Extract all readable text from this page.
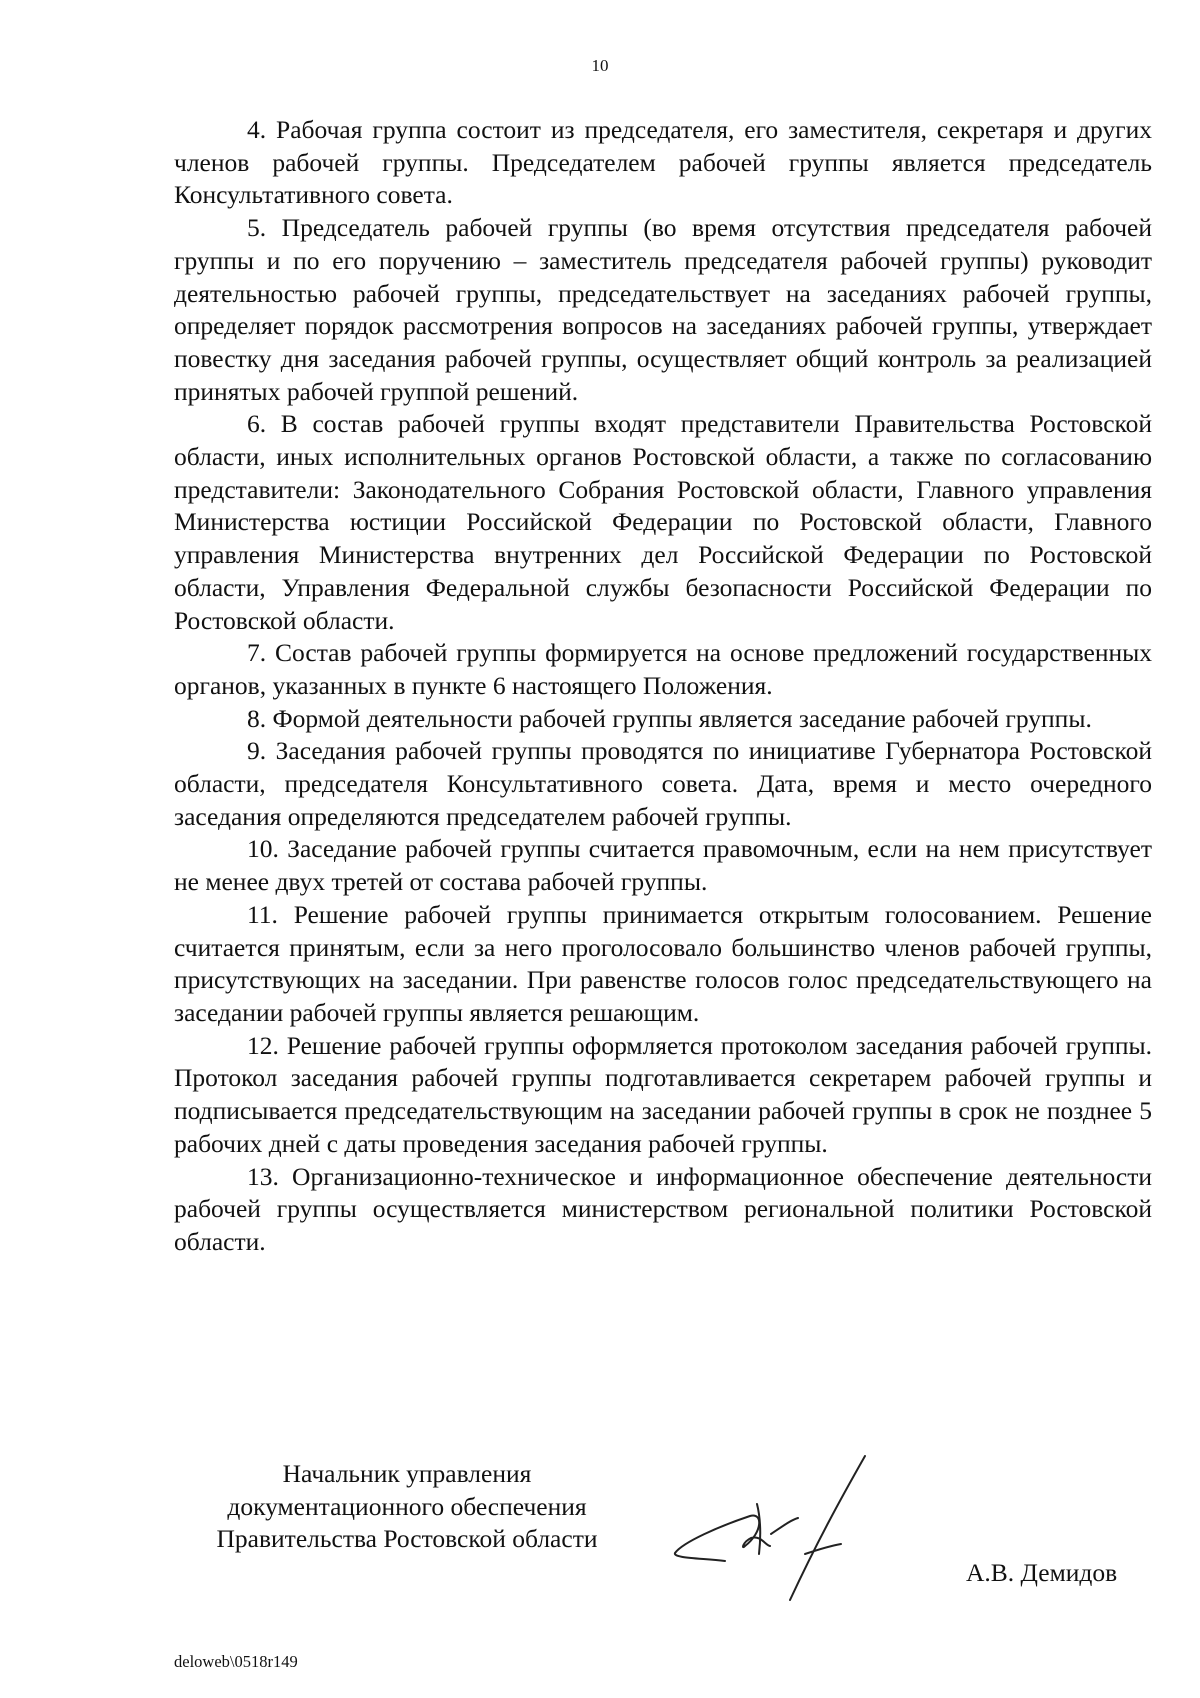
10

4. Рабочая группа состоит из председателя, его заместителя, секретаря и других членов рабочей группы. Председателем рабочей группы является председатель Консультативного совета.

5. Председатель рабочей группы (во время отсутствия председателя рабочей группы и по его поручению – заместитель председателя рабочей группы) руководит деятельностью рабочей группы, председательствует на заседаниях рабочей группы, определяет порядок рассмотрения вопросов на заседаниях рабочей группы, утверждает повестку дня заседания рабочей группы, осуществляет общий контроль за реализацией принятых рабочей группой решений.

6. В состав рабочей группы входят представители Правительства Ростовской области, иных исполнительных органов Ростовской области, а также по согласованию представители: Законодательного Собрания Ростовской области, Главного управления Министерства юстиции Российской Федерации по Ростовской области, Главного управления Министерства внутренних дел Российской Федерации по Ростовской области, Управления Федеральной службы безопасности Российской Федерации по Ростовской области.

7. Состав рабочей группы формируется на основе предложений государственных органов, указанных в пункте 6 настоящего Положения.

8. Формой деятельности рабочей группы является заседание рабочей группы.

9. Заседания рабочей группы проводятся по инициативе Губернатора Ростовской области, председателя Консультативного совета. Дата, время и место очередного заседания определяются председателем рабочей группы.

10. Заседание рабочей группы считается правомочным, если на нем присутствует не менее двух третей от состава рабочей группы.

11. Решение рабочей группы принимается открытым голосованием. Решение считается принятым, если за него проголосовало большинство членов рабочей группы, присутствующих на заседании. При равенстве голосов голос председательствующего на заседании рабочей группы является решающим.

12. Решение рабочей группы оформляется протоколом заседания рабочей группы. Протокол заседания рабочей группы подготавливается секретарем рабочей группы и подписывается председательствующим на заседании рабочей группы в срок не позднее 5 рабочих дней с даты проведения заседания рабочей группы.

13. Организационно-техническое и информационное обеспечение деятельности рабочей группы осуществляется министерством региональной политики Ростовской области.

Начальник управления
документационного обеспечения
Правительства Ростовской области
А.В. Демидов
deloweb\0518r149
